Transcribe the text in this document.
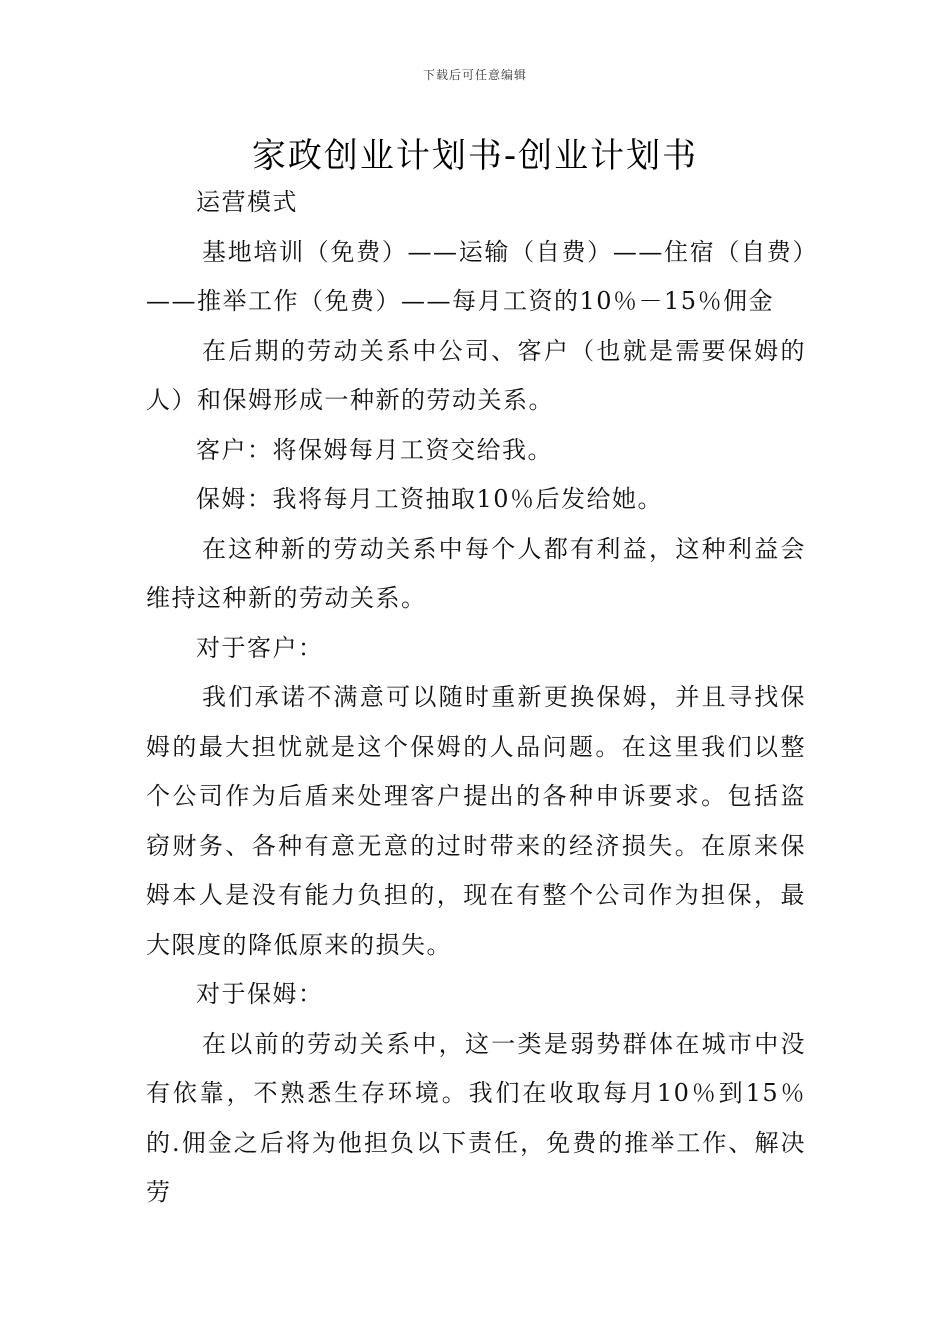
下载后可任意编辑
家政创业计划书-创业计划书

运营模式

基地培训（免费）——运输（自费）——住宿（自费）——推举工作（免费）——每月工资的10％－15％佣金

在后期的劳动关系中公司、客户（也就是需要保姆的人）和保姆形成一种新的劳动关系。

客户：将保姆每月工资交给我。

保姆：我将每月工资抽取10％后发给她。

在这种新的劳动关系中每个人都有利益，这种利益会维持这种新的劳动关系。

对于客户：

我们承诺不满意可以随时重新更换保姆，并且寻找保姆的最大担忧就是这个保姆的人品问题。在这里我们以整个公司作为后盾来处理客户提出的各种申诉要求。包括盗窃财务、各种有意无意的过时带来的经济损失。在原来保姆本人是没有能力负担的，现在有整个公司作为担保，最大限度的降低原来的损失。

对于保姆：

在以前的劳动关系中，这一类是弱势群体在城市中没有依靠，不熟悉生存环境。我们在收取每月10％到15％的.佣金之后将为他担负以下责任，免费的推举工作、解决劳
